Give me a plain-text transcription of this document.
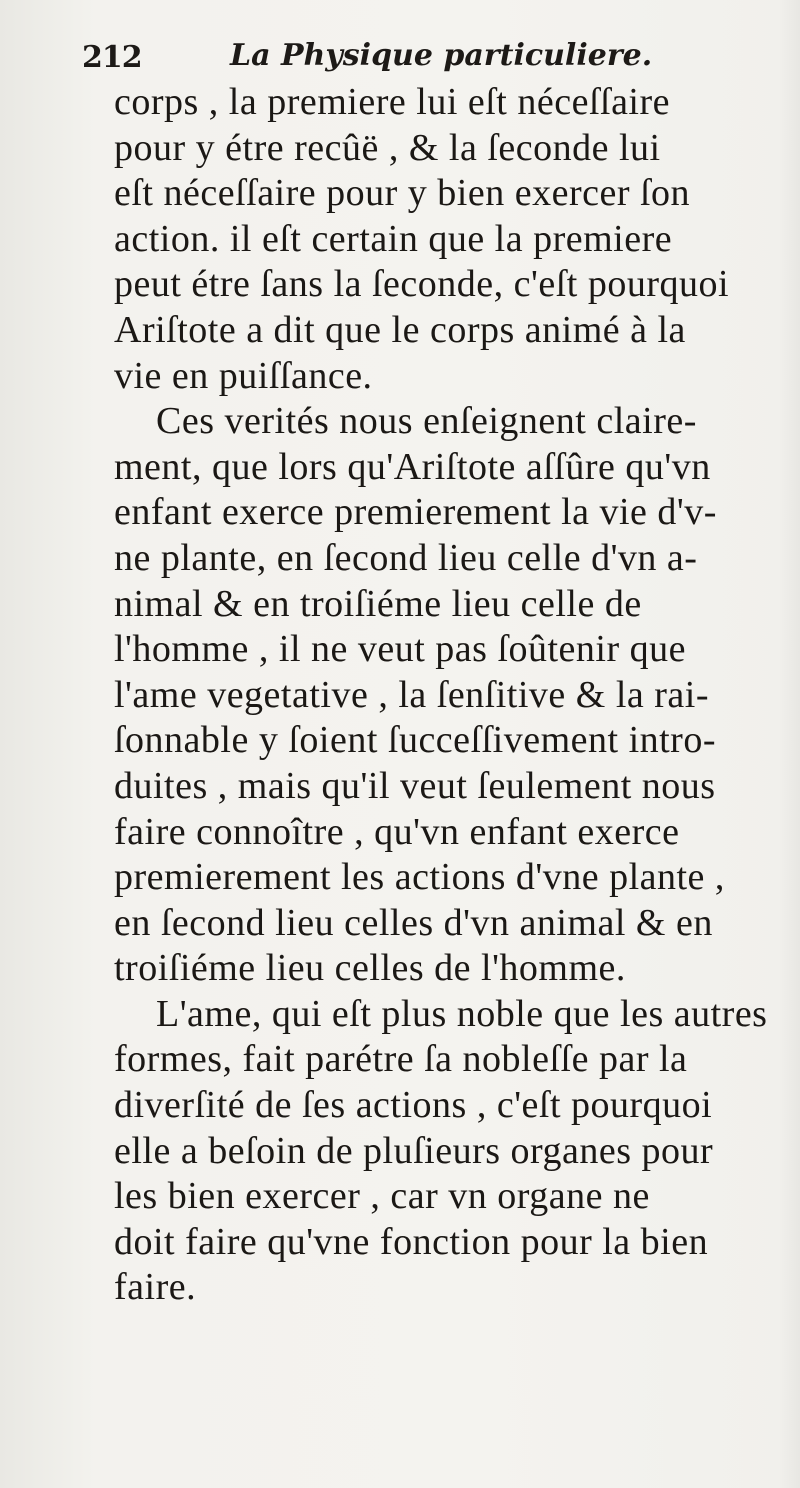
212	La Physique particuliere.
corps , la premiere lui eſt néceſſaire
pour y étre recûë , & la ſeconde lui
eſt néceſſaire pour y bien exercer ſon
action. il eſt certain que la premiere
peut étre ſans la ſeconde, c'eſt pourquoi
Ariſtote a dit que le corps animé à la
vie en puiſſance.
Ces verités nous enſeignent claire-
ment, que lors qu'Ariſtote aſſûre qu'vn
enfant exerce premierement la vie d'v-
ne plante, en ſecond lieu celle d'vn a-
nimal & en troiſiéme lieu celle de
l'homme , il ne veut pas ſoûtenir que
l'ame vegetative , la ſenſitive & la rai-
ſonnable y ſoient ſucceſſivement intro-
duites , mais qu'il veut ſeulement nous
faire connoître , qu'vn enfant exerce
premierement les actions d'vne plante ,
en ſecond lieu celles d'vn animal & en
troiſiéme lieu celles de l'homme.
L'ame, qui eſt plus noble que les autres
formes, fait parétre ſa nobleſſe par la
diverſité de ſes actions , c'eſt pourquoi
elle a beſoin de pluſieurs organes pour
les bien exercer , car vn organe ne
doit faire qu'vne fonction pour la bien
faire.
